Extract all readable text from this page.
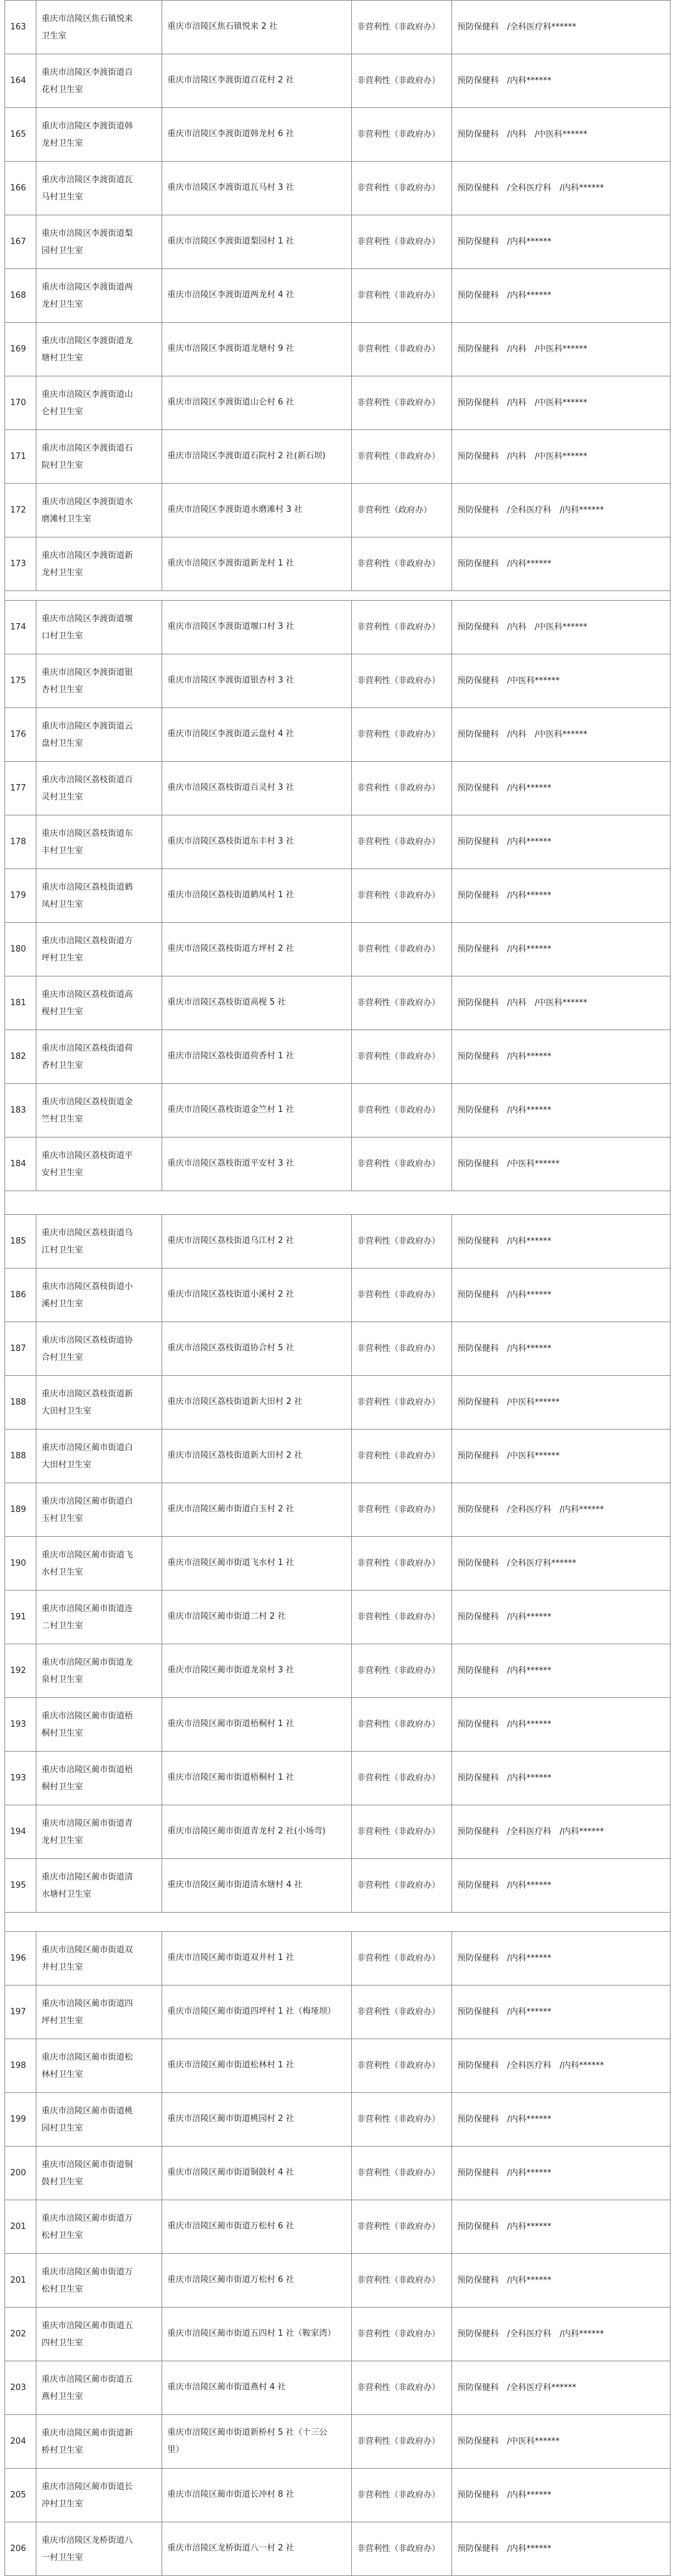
163	重庆市涪陵区焦石镇悦来
卫生室	重庆市涪陵区焦石镇悦来 2 社	非营利性（非政府办）	预防保健科　/全科医疗科******
164	重庆市涪陵区李渡街道百
花村卫生室	重庆市涪陵区李渡街道百花村 2 社	非营利性（非政府办）	预防保健科　/内科******
165	重庆市涪陵区李渡街道韩
龙村卫生室	重庆市涪陵区李渡街道韩龙村 6 社	非营利性（非政府办）	预防保健科　/内科　/中医科******
166	重庆市涪陵区李渡街道瓦
马村卫生室	重庆市涪陵区李渡街道瓦马村 3 社	非营利性（非政府办）	预防保健科　/全科医疗科　/内科******
167	重庆市涪陵区李渡街道梨
园村卫生室	重庆市涪陵区李渡街道梨园村 1 社	非营利性（非政府办）	预防保健科　/内科******
168	重庆市涪陵区李渡街道两
龙村卫生室	重庆市涪陵区李渡街道两龙村 4 社	非营利性（非政府办）	预防保健科　/内科******
169	重庆市涪陵区李渡街道龙
塘村卫生室	重庆市涪陵区李渡街道龙塘村 9 社	非营利性（非政府办）	预防保健科　/内科　/中医科******
170	重庆市涪陵区李渡街道山
仑村卫生室	重庆市涪陵区李渡街道山仑村 6 社	非营利性（非政府办）	预防保健科　/内科　/中医科******
171	重庆市涪陵区李渡街道石
院村卫生室	重庆市涪陵区李渡街道石院村 2 社(新石坝)	非营利性（非政府办）	预防保健科　/内科　/中医科******
172	重庆市涪陵区李渡街道水
磨滩村卫生室	重庆市涪陵区李渡街道水磨滩村 3 社	非营利性（政府办）	预防保健科　/全科医疗科　/内科******
173	重庆市涪陵区李渡街道新
龙村卫生室	重庆市涪陵区李渡街道新龙村 1 社	非营利性（非政府办）	预防保健科　/内科******
174	重庆市涪陵区李渡街道堰
口村卫生室	重庆市涪陵区李渡街道堰口村 3 社	非营利性（非政府办）	预防保健科　/内科　/中医科******
175	重庆市涪陵区李渡街道银
杏村卫生室	重庆市涪陵区李渡街道银杏村 3 社	非营利性（非政府办）	预防保健科　/中医科******
176	重庆市涪陵区李渡街道云
盘村卫生室	重庆市涪陵区李渡街道云盘村 4 社	非营利性（非政府办）	预防保健科　/内科　/中医科******
177	重庆市涪陵区荔枝街道百
灵村卫生室	重庆市涪陵区荔枝街道百灵村 3 社	非营利性（非政府办）	预防保健科　/内科******
178	重庆市涪陵区荔枝街道东
丰村卫生室	重庆市涪陵区荔枝街道东丰村 3 社	非营利性（非政府办）	预防保健科　/内科******
179	重庆市涪陵区荔枝街道鹤
凤村卫生室	重庆市涪陵区荔枝街道鹤凤村 1 社	非营利性（非政府办）	预防保健科　/内科******
180	重庆市涪陵区荔枝街道方
坪村卫生室	重庆市涪陵区荔枝街道方坪村 2 社	非营利性（非政府办）	预防保健科　/内科******
181	重庆市涪陵区荔枝街道高
枧村卫生室	重庆市涪陵区荔枝街道高枧 5 社	非营利性（非政府办）	预防保健科　/内科　/中医科******
182	重庆市涪陵区荔枝街道荷
香村卫生室	重庆市涪陵区荔枝街道荷香村 1 社	非营利性（非政府办）	预防保健科　/内科******
183	重庆市涪陵区荔枝街道金
竺村卫生室	重庆市涪陵区荔枝街道金竺村 1 社	非营利性（非政府办）	预防保健科　/内科******
184	重庆市涪陵区荔枝街道平
安村卫生室	重庆市涪陵区荔枝街道平安村 3 社	非营利性（非政府办）	预防保健科　/中医科******
185	重庆市涪陵区荔枝街道乌
江村卫生室	重庆市涪陵区荔枝街道乌江村 2 社	非营利性（非政府办）	预防保健科　/内科******
186	重庆市涪陵区荔枝街道小
溪村卫生室	重庆市涪陵区荔枝街道小溪村 2 社	非营利性（非政府办）	预防保健科　/内科******
187	重庆市涪陵区荔枝街道协
合村卫生室	重庆市涪陵区荔枝街道协合村 5 社	非营利性（非政府办）	预防保健科　/内科******
188	重庆市涪陵区荔枝街道新
大田村卫生室	重庆市涪陵区荔枝街道新大田村 2 社	非营利性（非政府办）	预防保健科　/中医科******
188	重庆市涪陵区蔺市街道白
大田村卫生室	重庆市涪陵区荔枝街道新大田村 2 社	非营利性（非政府办）	预防保健科　/中医科******
189	重庆市涪陵区蔺市街道白
玉村卫生室	重庆市涪陵区蔺市街道白玉村 2 社	非营利性（非政府办）	预防保健科　/全科医疗科　/内科******
190	重庆市涪陵区蔺市街道飞
水村卫生室	重庆市涪陵区蔺市街道飞水村 1 社	非营利性（非政府办）	预防保健科　/全科医疗科******
191	重庆市涪陵区蔺市街道连
二村卫生室	重庆市涪陵区蔺市街道二村 2 社	非营利性（非政府办）	预防保健科　/内科******
192	重庆市涪陵区蔺市街道龙
泉村卫生室	重庆市涪陵区蔺市街道龙泉村 3 社	非营利性（非政府办）	预防保健科　/内科******
193	重庆市涪陵区蔺市街道梧
桐村卫生室	重庆市涪陵区蔺市街道梧桐村 1 社	非营利性（非政府办）	预防保健科　/内科******
193	重庆市涪陵区蔺市街道梧
桐村卫生室	重庆市涪陵区蔺市街道梧桐村 1 社	非营利性（非政府办）	预防保健科　/内科******
194	重庆市涪陵区蔺市街道青
龙村卫生室	重庆市涪陵区蔺市街道青龙村 2 社(小场弯)	非营利性（非政府办）	预防保健科　/全科医疗科　/内科******
195	重庆市涪陵区蔺市街道清
水塘村卫生室	重庆市涪陵区蔺市街道清水塘村 4 社	非营利性（非政府办）	预防保健科　/内科******
196	重庆市涪陵区蔺市街道双
井村卫生室	重庆市涪陵区蔺市街道双井村 1 社	非营利性（非政府办）	预防保健科　/内科******
197	重庆市涪陵区蔺市街道四
坪村卫生室	重庆市涪陵区蔺市街道四坪村 1 社（梅垭坝）	非营利性（非政府办）	预防保健科　/内科******
198	重庆市涪陵区蔺市街道松
林村卫生室	重庆市涪陵区蔺市街道松林村 1 社	非营利性（非政府办）	预防保健科　/全科医疗科　/内科******
199	重庆市涪陵区蔺市街道桃
园村卫生室	重庆市涪陵区蔺市街道桃园村 2 社	非营利性（非政府办）	预防保健科　/内科******
200	重庆市涪陵区蔺市街道铜
鼓村卫生室	重庆市涪陵区蔺市街道铜鼓村 4 社	非营利性（非政府办）	预防保健科　/内科******
201	重庆市涪陵区蔺市街道万
松村卫生室	重庆市涪陵区蔺市街道万松村 6 社	非营利性（非政府办）	预防保健科　/内科******
201	重庆市涪陵区蔺市街道万
松村卫生室	重庆市涪陵区蔺市街道万松村 6 社	非营利性（非政府办）	预防保健科　/内科******
202	重庆市涪陵区蔺市街道五
四村卫生室	重庆市涪陵区蔺市街道五四村 1 社（鞍家湾）	非营利性（非政府办）	预防保健科　/全科医疗科　/内科******
203	重庆市涪陵区蔺市街道五
燕村卫生室	重庆市涪陵区蔺市街道燕村 4 社	非营利性（非政府办）	预防保健科　/全科医疗科******
204	重庆市涪陵区蔺市街道新
桥村卫生室	重庆市涪陵区蔺市街道新桥村 5 社（十三公
里）	非营利性（非政府办）	预防保健科　/中医科******
205	重庆市涪陵区蔺市街道长
冲村卫生室	重庆市涪陵区蔺市街道长冲村 8 社	非营利性（非政府办）	预防保健科　/内科******
206	重庆市涪陵区龙桥街道八
一村卫生室	重庆市涪陵区龙桥街道八一村 2 社	非营利性（非政府办）	预防保健科　/内科******
